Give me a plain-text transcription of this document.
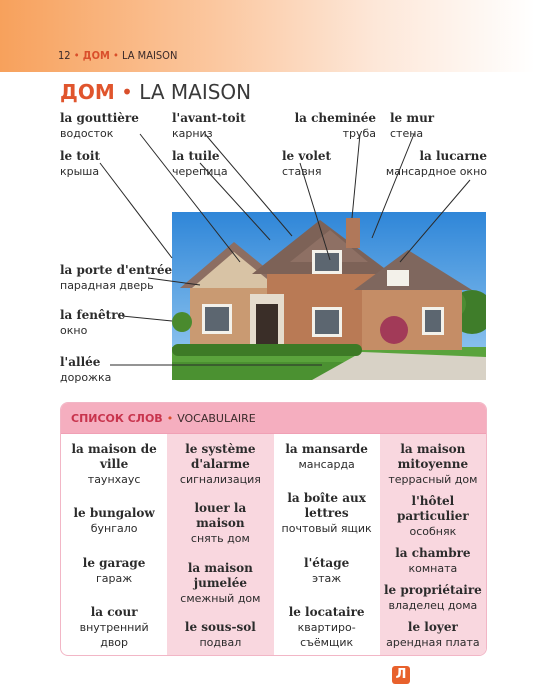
12 • ДОМ • LA MAISON
ДОМ • LA MAISON
la gouttière
водосток
l'avant-toit
карниз
la cheminée
труба
le mur
стена
le toit
крыша
la tuile
черепица
le volet
ставня
la lucarne
мансардное окно
la porte d'entrée
парадная дверь
la fenêtre
окно
l'allée
дорожка
СПИСОК СЛОВ • VOCABULAIRE
la maison de ville
таунхаус
le bungalow
бунгало
le garage
гараж
la cour
внутренний двор
le système d'alarme
сигнализация
louer la maison
снять дом
la maison jumelée
смежный дом
le sous-sol
подвал
la mansarde
мансарда
la boîte aux lettres
почтовый ящик
l'étage
этаж
le locataire
квартиро-съёмщик
la maison mitoyenne
террасный дом
l'hôtel particulier
особняк
la chambre
комната
le propriétaire
владелец дома
le loyer
арендная плата
Л
